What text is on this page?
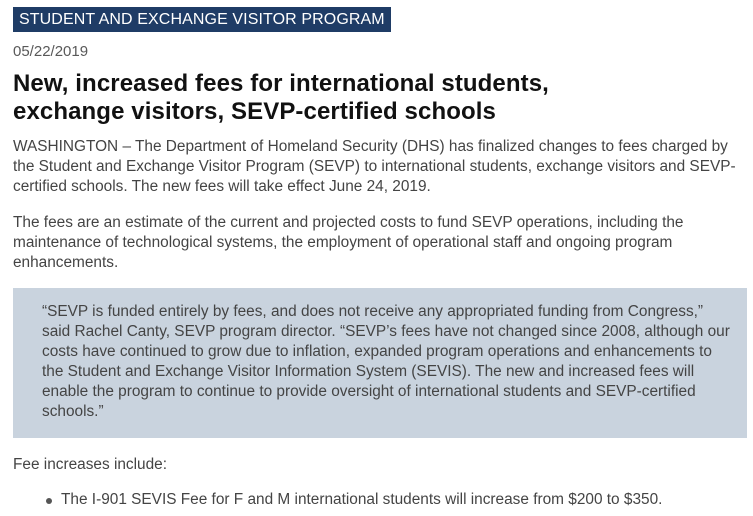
STUDENT AND EXCHANGE VISITOR PROGRAM
05/22/2019
New, increased fees for international students,
exchange visitors, SEVP-certified schools

WASHINGTON – The Department of Homeland Security (DHS) has finalized changes to fees charged by the Student and Exchange Visitor Program (SEVP) to international students, exchange visitors and SEVP-certified schools. The new fees will take effect June 24, 2019.

The fees are an estimate of the current and projected costs to fund SEVP operations, including the maintenance of technological systems, the employment of operational staff and ongoing program enhancements.

“SEVP is funded entirely by fees, and does not receive any appropriated funding from Congress,” said Rachel Canty, SEVP program director. “SEVP’s fees have not changed since 2008, although our costs have continued to grow due to inflation, expanded program operations and enhancements to the Student and Exchange Visitor Information System (SEVIS). The new and increased fees will enable the program to continue to provide oversight of international students and SEVP-certified schools.”

Fee increases include:
The I-901 SEVIS Fee for F and M international students will increase from $200 to $350.
